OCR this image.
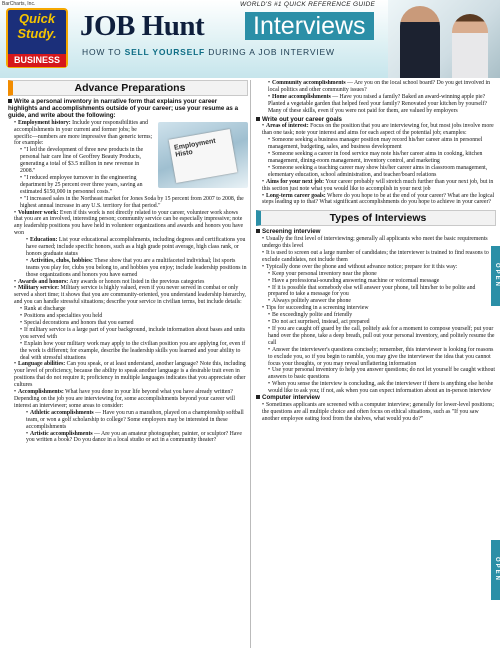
BarCharts, Inc.
Quick
Study.
BUSINESS
WORLD'S #1 QUICK REFERENCE GUIDE
JOB Hunt	Interviews
HOW TO SELL YOURSELF DURING A JOB INTERVIEW
Advance Preparations

Write a personal inventory in narrative form that explains your career highlights and accomplishments outside of your career; use your resume as a guide, and write about the following:

Employment Histo

• Employment history: Include your responsibilities and accomplishments in your current and former jobs; be specific—numbers are more impressive than generic terms; for example:

• "I led the development of three new products in the personal hair care line of Geoffrey Beauty Products, generating a total of $3.5 million in new revenue in 2008."

• "I reduced employee turnover in the engineering department by 25 percent over three years, saving an estimated $150,000 in personnel costs."

• "I increased sales in the Northeast market for Jones Soda by 15 percent from 2007 to 2008, the highest annual increase in any U.S. territory for that period."

• Volunteer work: Even if this work is not directly related to your career, volunteer work shows that you are an involved, interesting person; community service can be especially impressive; note any leadership positions you have held in volunteer organizations and awards and honors you have won

• Education: List your educational accomplishments, including degrees and certifications you have earned; include specific honors, such as a high grade point average, high class rank, or honors graduate status

• Activities, clubs, hobbies: These show that you are a multifaceted individual; list sports teams you play for, clubs you belong to, and hobbies you enjoy; include leadership positions in those organizations and honors you have earned

• Awards and honors: Any awards or honors not listed in the previous categories

• Military service: Military service is highly valued, even if you never served in combat or only served a short time; it shows that you are community-oriented, you understand leadership hierarchy, and you can handle stressful situations; describe your service in civilian terms, but include details:

• Rank at discharge

• Positions and specialties you held

• Special decorations and honors that you earned

• If military service is a large part of your background, include information about bases and units you served with

• Explain how your military work may apply to the civilian position you are applying for, even if the work is different; for example, describe the leadership skills you learned and your ability to deal with stressful situations

• Language abilities: Can you speak, or at least understand, another language? Note this, including your level of proficiency, because the ability to speak another language is a desirable trait even in positions that do not require it; proficiency in multiple languages indicates that you appreciate other cultures

• Accomplishments: What have you done in your life beyond what you have already written? Depending on the job you are interviewing for, some accomplishments beyond your career will interest an interviewer; some areas to consider:

• Athletic accomplishments — Have you run a marathon, played on a championship softball team, or won a golf scholarship to college? Some employers may be interested in these accomplishments

• Artistic accomplishments — Are you an amateur photographer, painter, or sculptor? Have you written a book? Do you dance in a local studio or act in a community theater?

• Community accomplishments — Are you on the local school board? Do you get involved in local politics and other community issues?

• Home accomplishments — Have you raised a family? Baked an award-winning apple pie? Planted a vegetable garden that helped feed your family? Renovated your kitchen by yourself? Many of these skills, even if you were not paid for them, are valued by employers

Write out your career goals

• Areas of interest: Focus on the position that you are interviewing for, but most jobs involve more than one task; note your interest and aims for each aspect of the potential job; examples:

• Someone seeking a business manager position may record his/her career aims in personnel management, budgeting, sales, and business development

• Someone seeking a career in food service may note his/her career aims in cooking, kitchen management, dining-room management, inventory control, and marketing

• Someone seeking a teaching career may show his/her career aims in classroom management, elementary education, school administration, and teacher/board relations

• Aims for your next job: Your career probably will stretch much further than your next job, but in this section just note what you would like to accomplish in your next job

• Long-term career goals: Where do you hope to be at the end of your career? What are the logical steps leading up to that? What significant accomplishments do you hope to achieve in your career?

Types of Interviews

Screening interview

• Usually the first level of interviewing; generally all applicants who meet the basic requirements undergo this level

• It is used to screen out a large number of candidates; the interviewer is trained to find reasons to exclude candidates, not include them

• Typically done over the phone and without advance notice; prepare for it this way:

• Keep your personal inventory near the phone

• Have a professional-sounding answering machine or voicemail message

• If it is possible that somebody else will answer your phone, tell him/her to be polite and prepared to take a message for you

• Always politely answer the phone

• Tips for succeeding in a screening interview

• Be exceedingly polite and friendly

• Do not act surprised, instead, act prepared

• If you are caught off guard by the call, politely ask for a moment to compose yourself; put your hand over the phone, take a deep breath, pull out your personal inventory, and politely resume the call

• Answer the interviewer's questions concisely; remember, this interviewer is looking for reasons to exclude you, so if you begin to ramble, you may give the interviewer the idea that you cannot focus your thoughts, or you may reveal unflattering information

• Use your personal inventory to help you answer questions; do not let yourself be caught without answers to basic questions

• When you sense the interview is concluding, ask the interviewer if there is anything else he/she would like to ask you; if not, ask when you can expect information about an in-person interview

Computer interview

• Sometimes applicants are screened with a computer interview; generally for lower-level positions; the questions are all multiple choice and often focus on ethical situations, such as "If you saw another employee eating food from the shelves, what would you do?"

OPEN
OPEN
